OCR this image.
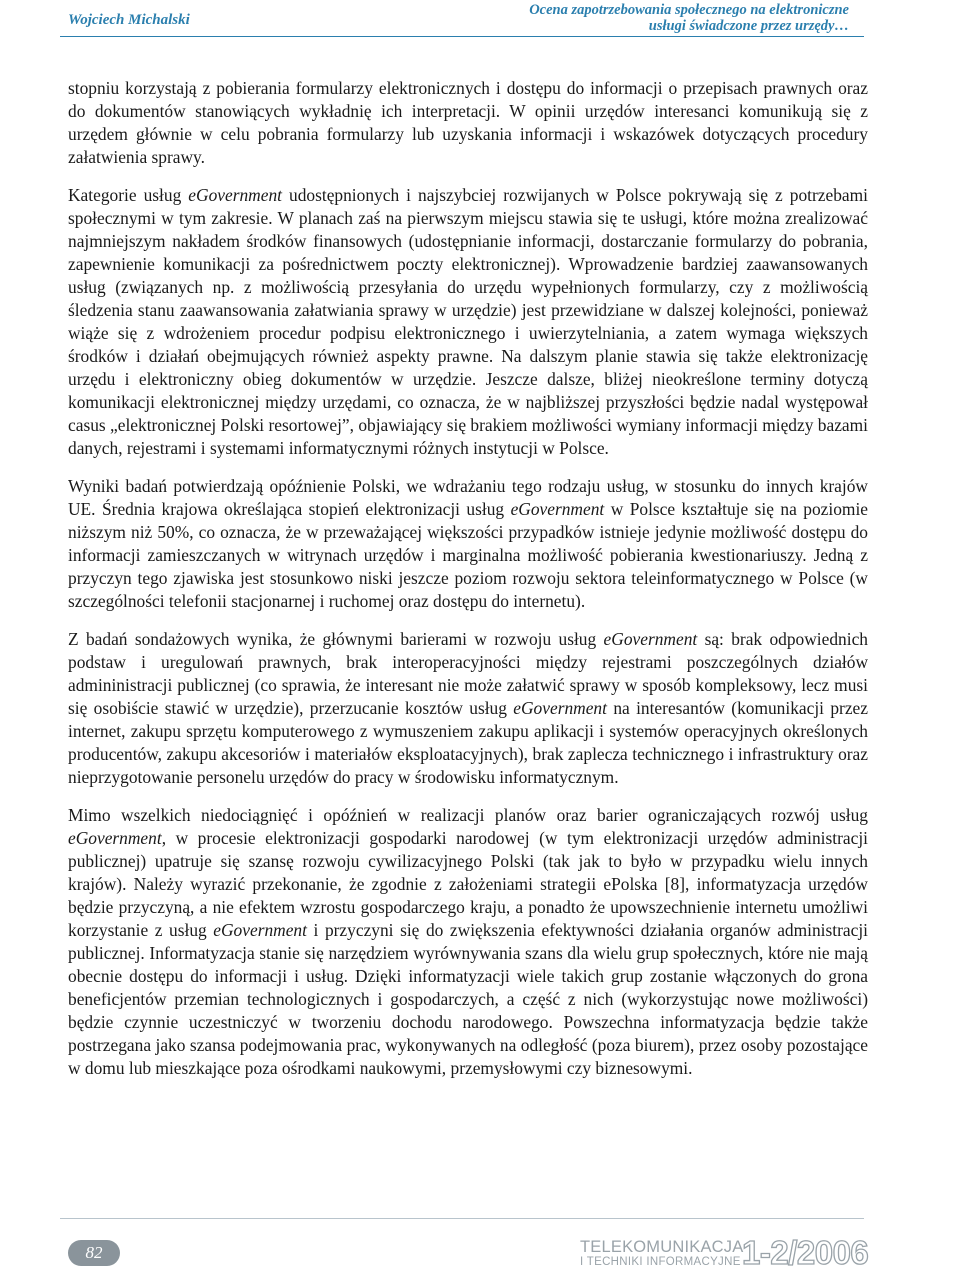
Wojciech Michalski
Ocena zapotrzebowania społecznego na elektroniczne
usługi świadczone przez urzędy…

stopniu korzystają z pobierania formularzy elektronicznych i dostępu do informacji o przepisach prawnych oraz do dokumentów stanowiących wykładnię ich interpretacji. W opinii urzędów interesanci komunikują się z urzędem głównie w celu pobrania formularzy lub uzyskania informacji i wskazówek dotyczących procedury załatwienia sprawy.

Kategorie usług eGovernment udostępnionych i najszybciej rozwijanych w Polsce pokrywają się z potrzebami społecznymi w tym zakresie. W planach zaś na pierwszym miejscu stawia się te usługi, które można zrealizować najmniejszym nakładem środków finansowych (udostępnianie informacji, dostarczanie formularzy do pobrania, zapewnienie komunikacji za pośrednictwem poczty elektronicznej). Wprowadzenie bardziej zaawansowanych usług (związanych np. z możliwością przesyłania do urzędu wypełnionych formularzy, czy z możliwością śledzenia stanu zaawansowania załatwiania sprawy w urzędzie) jest przewidziane w dalszej kolejności, ponieważ wiąże się z wdrożeniem procedur podpisu elektronicznego i uwierzytelniania, a zatem wymaga większych środków i działań obejmujących również aspekty prawne. Na dalszym planie stawia się także elektronizację urzędu i elektroniczny obieg dokumentów w urzędzie. Jeszcze dalsze, bliżej nieokreślone terminy dotyczą komunikacji elektronicznej między urzędami, co oznacza, że w najbliższej przyszłości będzie nadal występował casus „elektronicznej Polski resortowej”, objawiający się brakiem możliwości wymiany informacji między bazami danych, rejestrami i systemami informatycznymi różnych instytucji w Polsce.

Wyniki badań potwierdzają opóźnienie Polski, we wdrażaniu tego rodzaju usług, w stosunku do innych krajów UE. Średnia krajowa określająca stopień elektronizacji usług eGovernment w Polsce kształtuje się na poziomie niższym niż 50%, co oznacza, że w przeważającej większości przypadków istnieje jedynie możliwość dostępu do informacji zamieszczanych w witrynach urzędów i marginalna możliwość pobierania kwestionariuszy. Jedną z przyczyn tego zjawiska jest stosunkowo niski jeszcze poziom rozwoju sektora teleinformatycznego w Polsce (w szczególności telefonii stacjonarnej i ruchomej oraz dostępu do internetu).

Z badań sondażowych wynika, że głównymi barierami w rozwoju usług eGovernment są: brak odpowiednich podstaw i uregulowań prawnych, brak interoperacyjności między rejestrami poszczególnych działów admininistracji publicznej (co sprawia, że interesant nie może załatwić sprawy w sposób kompleksowy, lecz musi się osobiście stawić w urzędzie), przerzucanie kosztów usług eGovernment na interesantów (komunikacji przez internet, zakupu sprzętu komputerowego z wymuszeniem zakupu aplikacji i systemów operacyjnych określonych producentów, zakupu akcesoriów i materiałów eksploatacyjnych), brak zaplecza technicznego i infrastruktury oraz nieprzygotowanie personelu urzędów do pracy w środowisku informatycznym.

Mimo wszelkich niedociągnięć i opóźnień w realizacji planów oraz barier ograniczających rozwój usług eGovernment, w procesie elektronizacji gospodarki narodowej (w tym elektronizacji urzędów administracji publicznej) upatruje się szansę rozwoju cywilizacyjnego Polski (tak jak to było w przypadku wielu innych krajów). Należy wyrazić przekonanie, że zgodnie z założeniami strategii ePolska [8], informatyzacja urzędów będzie przyczyną, a nie efektem wzrostu gospodarczego kraju, a ponadto że upowszechnienie internetu umożliwi korzystanie z usług eGovernment i przyczyni się do zwiększenia efektywności działania organów administracji publicznej. Informatyzacja stanie się narzędziem wyrównywania szans dla wielu grup społecznych, które nie mają obecnie dostępu do informacji i usług. Dzięki informatyzacji wiele takich grup zostanie włączonych do grona beneficjentów przemian technologicznych i gospodarczych, a część z nich (wykorzystując nowe możliwości) będzie czynnie uczestniczyć w tworzeniu dochodu narodowego. Powszechna informatyzacja będzie także postrzegana jako szansa podejmowania prac, wykonywanych na odległość (poza biurem), przez osoby pozostające w domu lub mieszkające poza ośrodkami naukowymi, przemysłowymi czy biznesowymi.

82	TELEKOMUNIKACJA
I TECHNIKI INFORMACYJNE 1-2/2006
